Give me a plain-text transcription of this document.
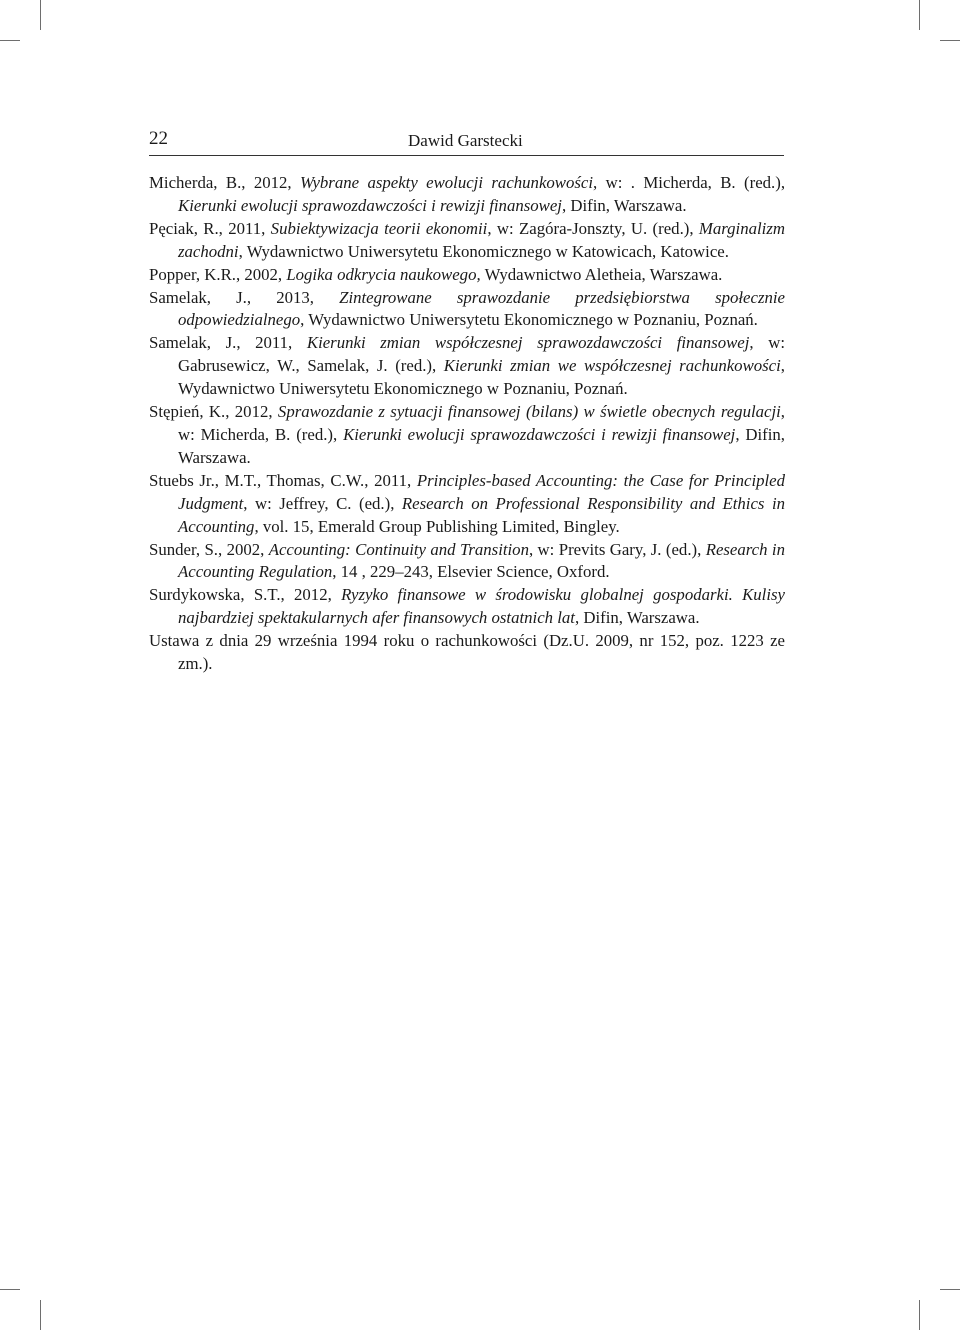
22	Dawid Garstecki

Micherda, B., 2012, Wybrane aspekty ewolucji rachunkowości, w: . Micherda, B. (red.), Kierunki ewolucji sprawozdawczości i rewizji finansowej, Difin, Warszawa.

Pęciak, R., 2011, Subiektywizacja teorii ekonomii, w: Zagóra-Jonszty, U. (red.), Marginalizm zachodni, Wydawnictwo Uniwersytetu Ekonomicznego w Katowicach, Katowice.

Popper, K.R., 2002, Logika odkrycia naukowego, Wydawnictwo Aletheia, Warszawa.

Samelak, J., 2013, Zintegrowane sprawozdanie przedsiębiorstwa społecznie odpowiedzialnego, Wydawnictwo Uniwersytetu Ekonomicznego w Poznaniu, Poznań.

Samelak, J., 2011, Kierunki zmian współczesnej sprawozdawczości finansowej, w: Gabrusewicz, W., Samelak, J. (red.), Kierunki zmian we współczesnej rachunkowości, Wydawnictwo Uniwersytetu Ekonomicznego w Poznaniu, Poznań.

Stępień, K., 2012, Sprawozdanie z sytuacji finansowej (bilans) w świetle obecnych regulacji, w: Micherda, B. (red.), Kierunki ewolucji sprawozdawczości i rewizji finansowej, Difin, Warszawa.

Stuebs Jr., M.T., Thomas, C.W., 2011, Principles-based Accounting: the Case for Principled Judgment, w: Jeffrey, C. (ed.), Research on Professional Responsibility and Ethics in Accounting, vol. 15, Emerald Group Publishing Limited, Bingley.

Sunder, S., 2002, Accounting: Continuity and Transition, w: Previts Gary, J. (ed.), Research in Accounting Regulation, 14 , 229–243, Elsevier Science, Oxford.

Surdykowska, S.T., 2012, Ryzyko finansowe w środowisku globalnej gospodarki. Kulisy najbardziej spektakularnych afer finansowych ostatnich lat, Difin, Warszawa.

Ustawa z dnia 29 września 1994 roku o rachunkowości (Dz.U. 2009, nr 152, poz. 1223 ze zm.).
